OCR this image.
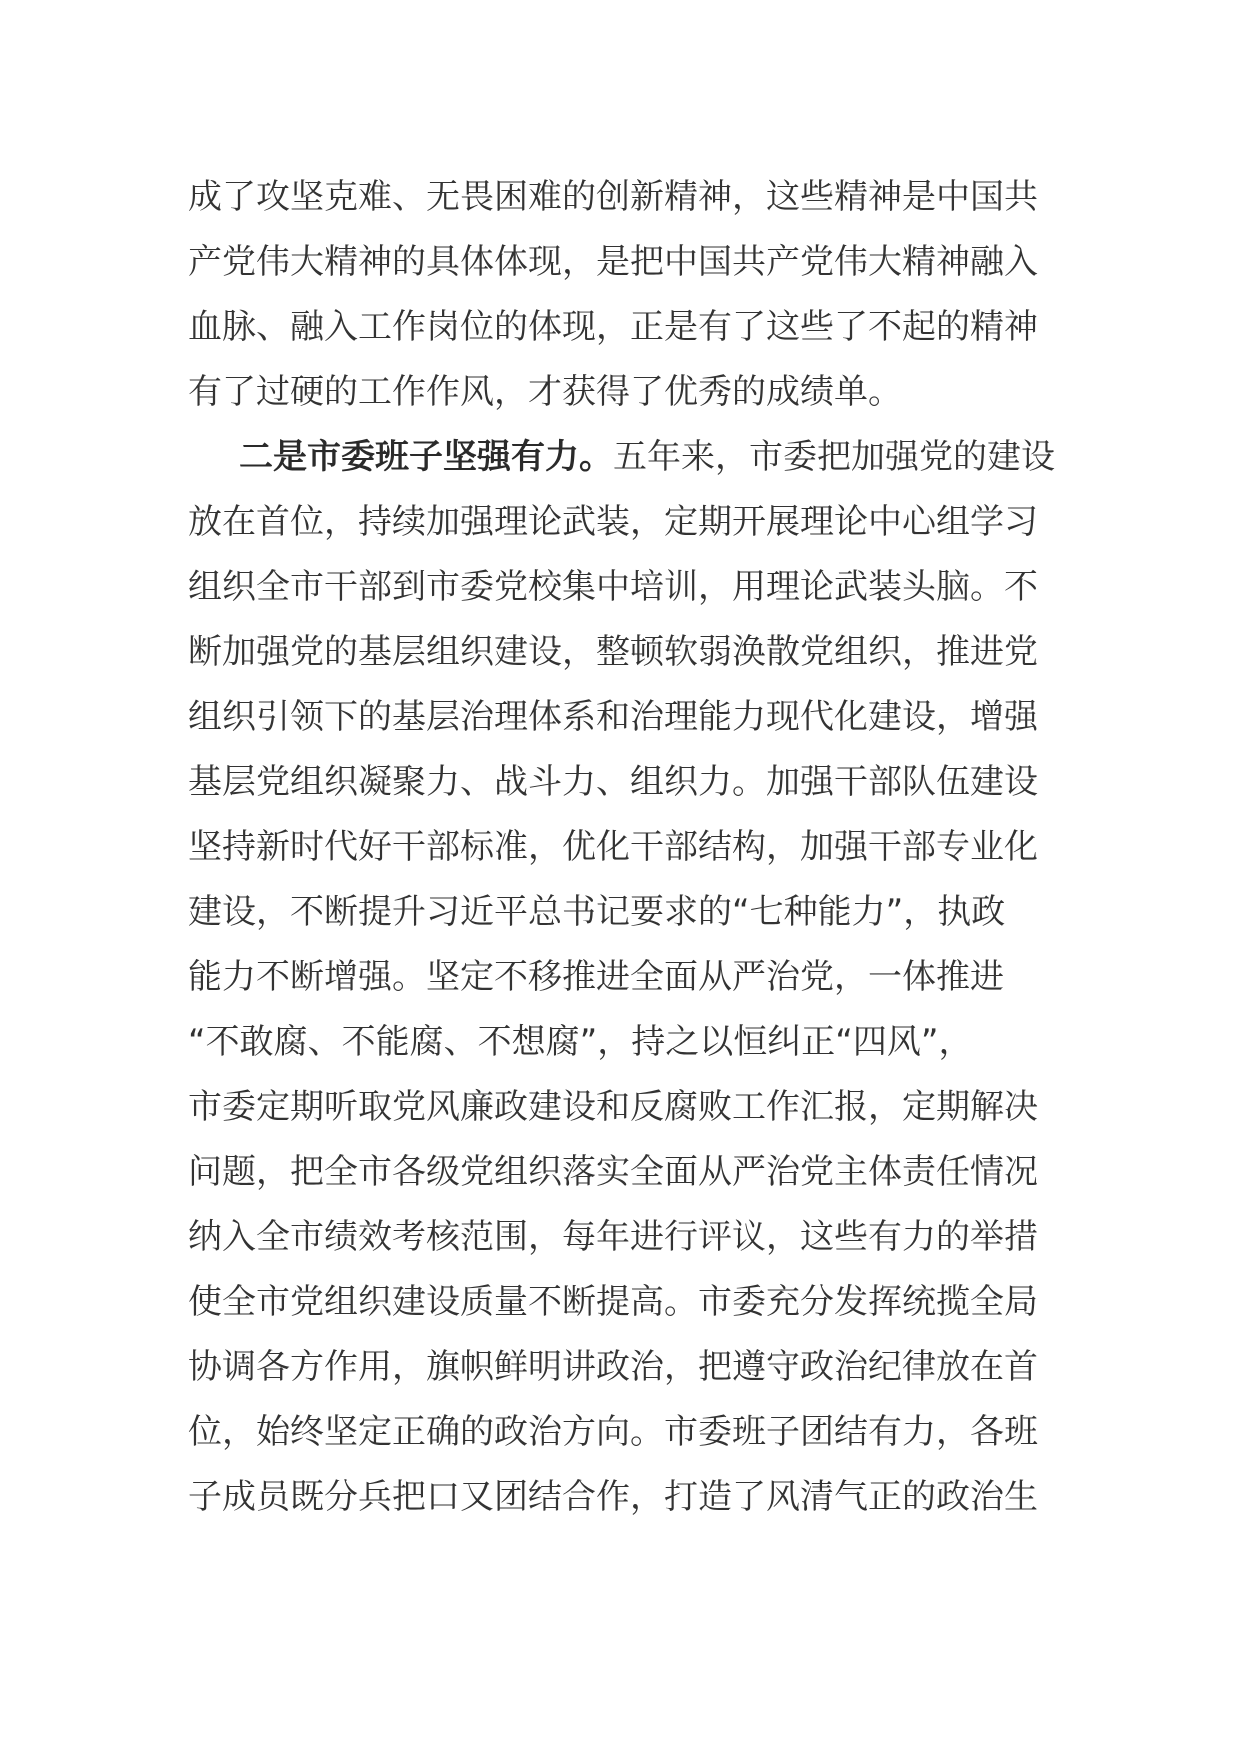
成了攻坚克难、无畏困难的创新精神，这些精神是中国共
产党伟大精神的具体体现，是把中国共产党伟大精神融入
血脉、融入工作岗位的体现，正是有了这些了不起的精神
有了过硬的工作作风，才获得了优秀的成绩单。
二是市委班子坚强有力。五年来，市委把加强党的建设
放在首位，持续加强理论武装，定期开展理论中心组学习
组织全市干部到市委党校集中培训，用理论武装头脑。不
断加强党的基层组织建设，整顿软弱涣散党组织，推进党
组织引领下的基层治理体系和治理能力现代化建设，增强
基层党组织凝聚力、战斗力、组织力。加强干部队伍建设
坚持新时代好干部标准，优化干部结构，加强干部专业化
建设，不断提升习近平总书记要求的“七种能力”，执政
能力不断增强。坚定不移推进全面从严治党，一体推进
“不敢腐、不能腐、不想腐”，持之以恒纠正“四风”，
市委定期听取党风廉政建设和反腐败工作汇报，定期解决
问题，把全市各级党组织落实全面从严治党主体责任情况
纳入全市绩效考核范围，每年进行评议，这些有力的举措
使全市党组织建设质量不断提高。市委充分发挥统揽全局
协调各方作用，旗帜鲜明讲政治，把遵守政治纪律放在首
位，始终坚定正确的政治方向。市委班子团结有力，各班
子成员既分兵把口又团结合作，打造了风清气正的政治生
